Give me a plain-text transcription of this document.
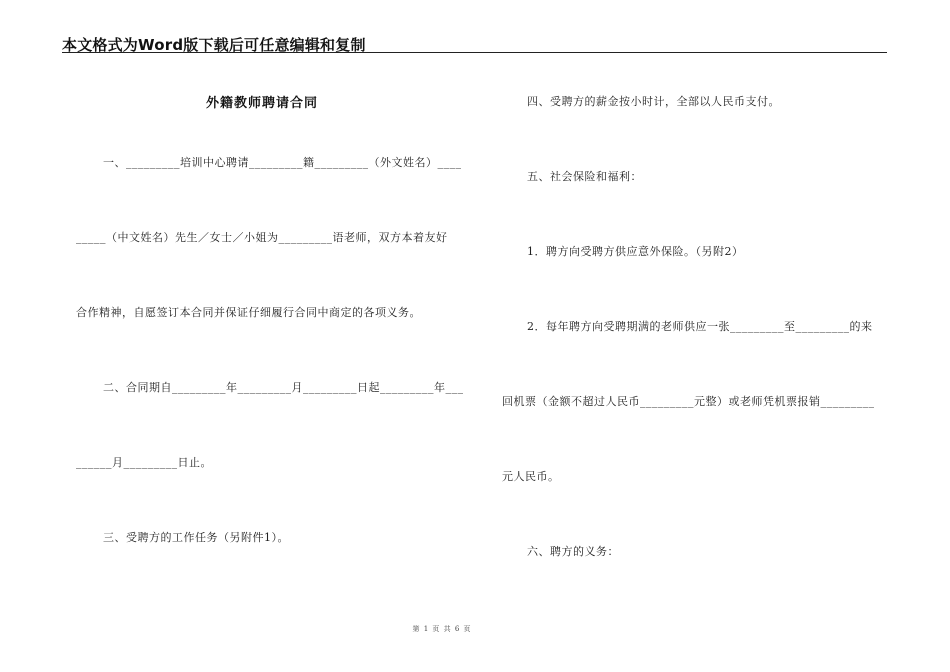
本文格式为Word版下载后可任意编辑和复制
外籍教师聘请合同
一、_________培训中心聘请_________籍_________（外文姓名）____
_____（中文姓名）先生／女士／小姐为_________语老师，双方本着友好
合作精神，自愿签订本合同并保证仔细履行合同中商定的各项义务。
二、合同期自_________年_________月_________日起_________年___
______月_________日止。
三、受聘方的工作任务（另附件1）。
四、受聘方的薪金按小时计，全部以人民币支付。
五、社会保险和福利：
1．聘方向受聘方供应意外保险。（另附2）
2．每年聘方向受聘期满的老师供应一张_________至_________的来
回机票（金额不超过人民币_________元整）或老师凭机票报销_________
元人民币。
六、聘方的义务：
第 1 页 共 6 页
